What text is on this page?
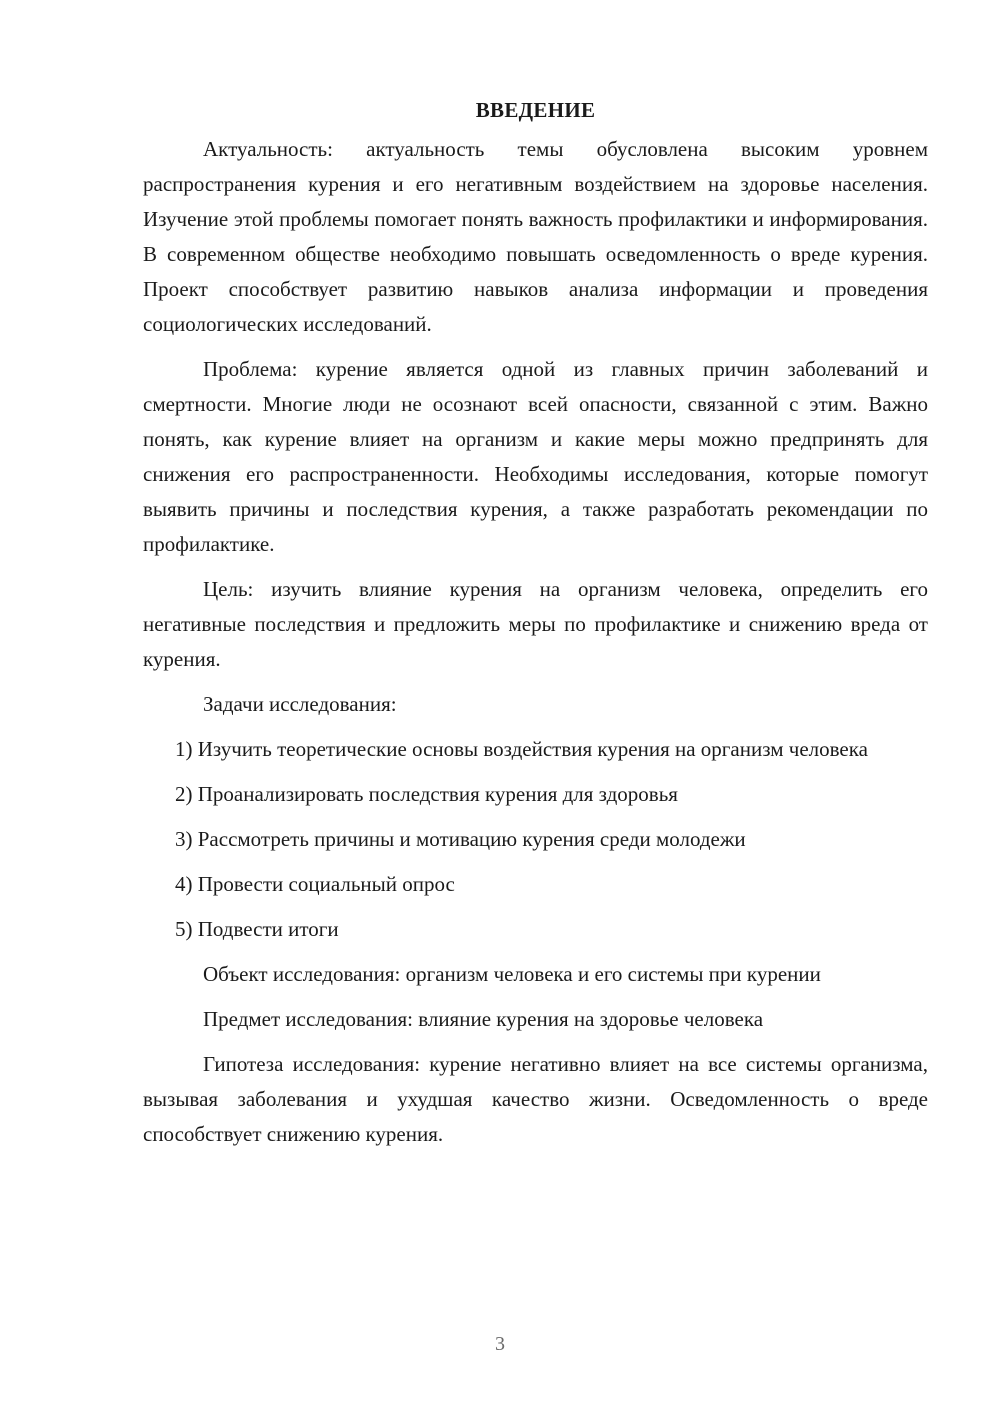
ВВЕДЕНИЕ

Актуальность: актуальность темы обусловлена высоким уровнем распространения курения и его негативным воздействием на здоровье населения. Изучение этой проблемы помогает понять важность профилактики и информирования. В современном обществе необходимо повышать осведомленность о вреде курения. Проект способствует развитию навыков анализа информации и проведения социологических исследований.

Проблема: курение является одной из главных причин заболеваний и смертности. Многие люди не осознают всей опасности, связанной с этим. Важно понять, как курение влияет на организм и какие меры можно предпринять для снижения его распространенности. Необходимы исследования, которые помогут выявить причины и последствия курения, а также разработать рекомендации по профилактике.

Цель: изучить влияние курения на организм человека, определить его негативные последствия и предложить меры по профилактике и снижению вреда от курения.

Задачи исследования:

1) Изучить теоретические основы воздействия курения на организм человека

2) Проанализировать последствия курения для здоровья

3) Рассмотреть причины и мотивацию курения среди молодежи

4) Провести социальный опрос

5) Подвести итоги

Объект исследования: организм человека и его системы при курении

Предмет исследования: влияние курения на здоровье человека

Гипотеза исследования: курение негативно влияет на все системы организма, вызывая заболевания и ухудшая качество жизни. Осведомленность о вреде способствует снижению курения.

3
